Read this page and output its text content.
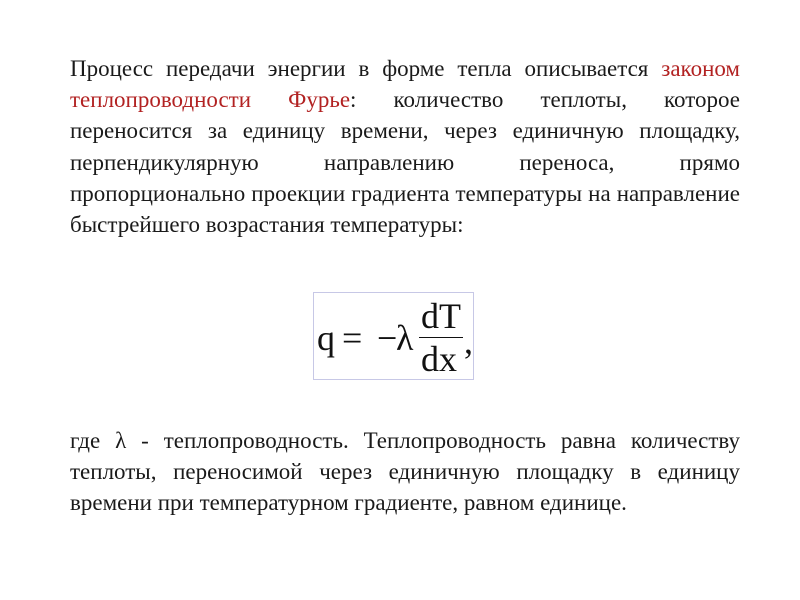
Процесс передачи энергии в форме тепла описывается законом теплопроводности Фурье: количество теплоты, которое переносится за единицу времени, через единичную площадку, перпендикулярную направлению переноса, прямо пропорционально проекции градиента температуры на направление быстрейшего возрастания температуры:

q = −
λ
dT
dx ,

где λ - теплопроводность. Теплопроводность равна количеству теплоты, переносимой через единичную площадку в единицу времени при температурном градиенте, равном единице.
